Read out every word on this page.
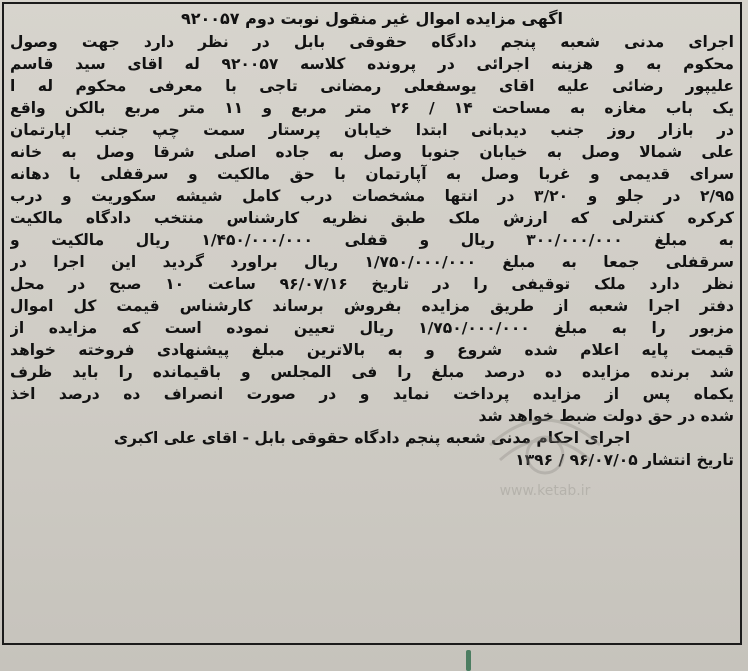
اگهی مزایده اموال غیر منقول نوبت دوم ۹۲۰۰۵۷
اجرای مدنی شعبه پنجم دادگاه حقوقی بابل در نظر دارد جهت وصول
محکوم به و هزینه اجرائی در پرونده کلاسه ۹۲۰۰۵۷ له اقای سید قاسم
علیپور رضائی علیه اقای یوسفعلی رمضانی تاجی با معرفی محکوم له ا
یک باب مغازه به مساحت ۱۴ / ۲۶ متر مربع و ۱۱ متر مربع بالکن واقع
در بازار روز جنب دیدبانی ابتدا خیابان پرستار سمت چپ جنب اپارتمان
علی شمالا وصل به خیابان جنوبا وصل به جاده اصلی شرقا وصل به خانه
سرای قدیمی و غربا وصل به آپارتمان با حق مالکیت و سرقفلی با دهانه
۲/۹۵ در جلو و ۳/۲۰ در انتها مشخصات درب کامل شیشه سکوریت و درب
کرکره کنترلی که ارزش ملک طبق نظریه کارشناس منتخب دادگاه مالکیت
به مبلغ ۳۰۰/۰۰۰/۰۰۰ ریال و قفلی ۱/۴۵۰/۰۰۰/۰۰۰ ریال مالکیت و
سرقفلی جمعا به مبلغ ۱/۷۵۰/۰۰۰/۰۰۰ ریال براورد گردید این اجرا در
نظر دارد ملک توقیفی را در تاریخ ۹۶/۰۷/۱۶ ساعت ۱۰ صبح در محل
دفتر اجرا شعبه از طریق مزایده بفروش برساند کارشناس قیمت کل اموال
مزبور را به مبلغ ۱/۷۵۰/۰۰۰/۰۰۰ ریال تعیین نموده است که مزایده از
قیمت پایه اعلام شده شروع و به بالاترین مبلغ پیشنهادی فروخته خواهد
شد برنده مزایده ده درصد مبلغ را فی المجلس و باقیمانده را باید ظرف
یکماه پس از مزایده پرداخت نماید و در صورت انصراف ده درصد اخذ
شده در حق دولت ضبط خواهد شد
اجرای احکام مدنی شعبه پنجم دادگاه حقوقی بابل - اقای علی اکبری
تاریخ انتشار ۹۶/۰۷/۰۵ / ۱۳۹۶
www.ketab.ir
